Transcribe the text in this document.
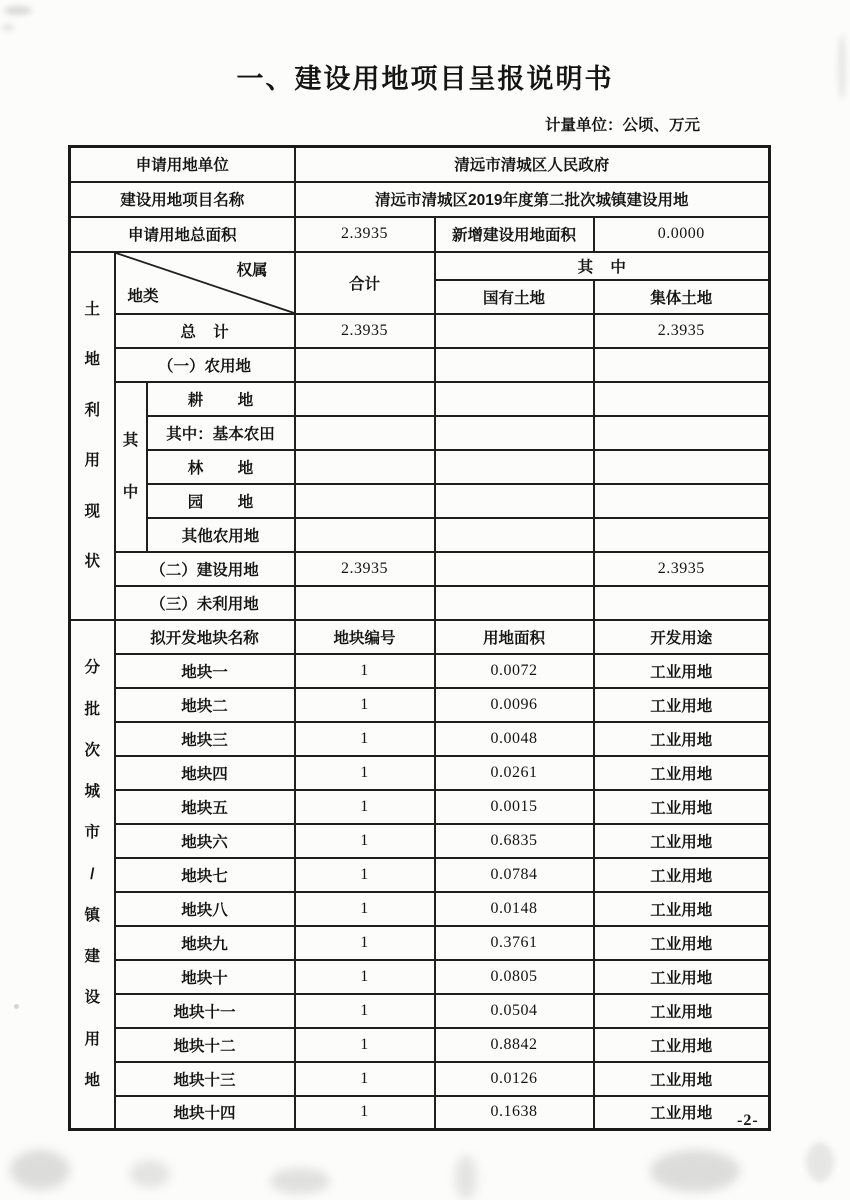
一、建设用地项目呈报说明书
计量单位：公顷、万元
申请用地单位			清远市清城区人民政府		
建设用地项目名称			清远市清城区2019年度第二批次城镇建设用地		
申请用地总面积			2.3935	新增建设用地面积	0.0000

土
地
利
用
现
状

权属
地类
	合计	其    中
				国有土地	集体土地
	总    计		2.3935		2.3935
	（一）农用地				

	其
中	耕        地			
		其中：基本农田			
		林        地			
		园        地			
		其他农用地			
	（二）建设用地		2.3935		2.3935
	（三）未利用地				

分
批
次
城
市
/
镇
建
设
用
地
	拟开发地块名称	地块编号	用地面积	开发用途
	地块一		1	0.0072	工业用地
	地块二		1	0.0096	工业用地
	地块三		1	0.0048	工业用地
	地块四		1	0.0261	工业用地
	地块五		1	0.0015	工业用地
	地块六		1	0.6835	工业用地
	地块七		1	0.0784	工业用地
	地块八		1	0.0148	工业用地
	地块九		1	0.3761	工业用地
	地块十		1	0.0805	工业用地
	地块十一		1	0.0504	工业用地
	地块十二		1	0.8842	工业用地
	地块十三		1	0.0126	工业用地
	地块十四		1	0.1638	工业用地 -2-
